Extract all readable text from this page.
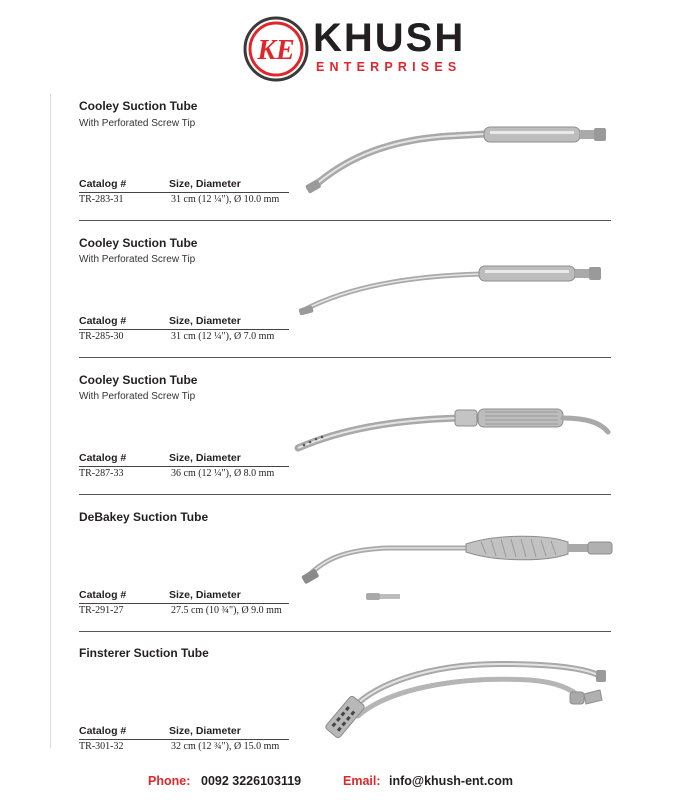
KE KHUSH
ENTERPRISES
Cooley Suction Tube
With Perforated Screw Tip
Catalog #	Size, Diameter
TR-283-31	31 cm (12 ¼"), Ø 10.0 mm
Cooley Suction Tube
With Perforated Screw Tip
Catalog #	Size, Diameter
TR-285-30	31 cm (12 ¼"), Ø 7.0 mm
Cooley Suction Tube
With Perforated Screw Tip
Catalog #	Size, Diameter
TR-287-33	36 cm (12 ¼"), Ø 8.0 mm
DeBakey Suction Tube
Catalog #	Size, Diameter
TR-291-27	27.5 cm (10 ¾"), Ø 9.0 mm
Finsterer Suction Tube
Catalog #	Size, Diameter
TR-301-32	32 cm (12 ¾"), Ø 15.0 mm
Phone: 0092 3226103119	Email: info@khush-ent.com
